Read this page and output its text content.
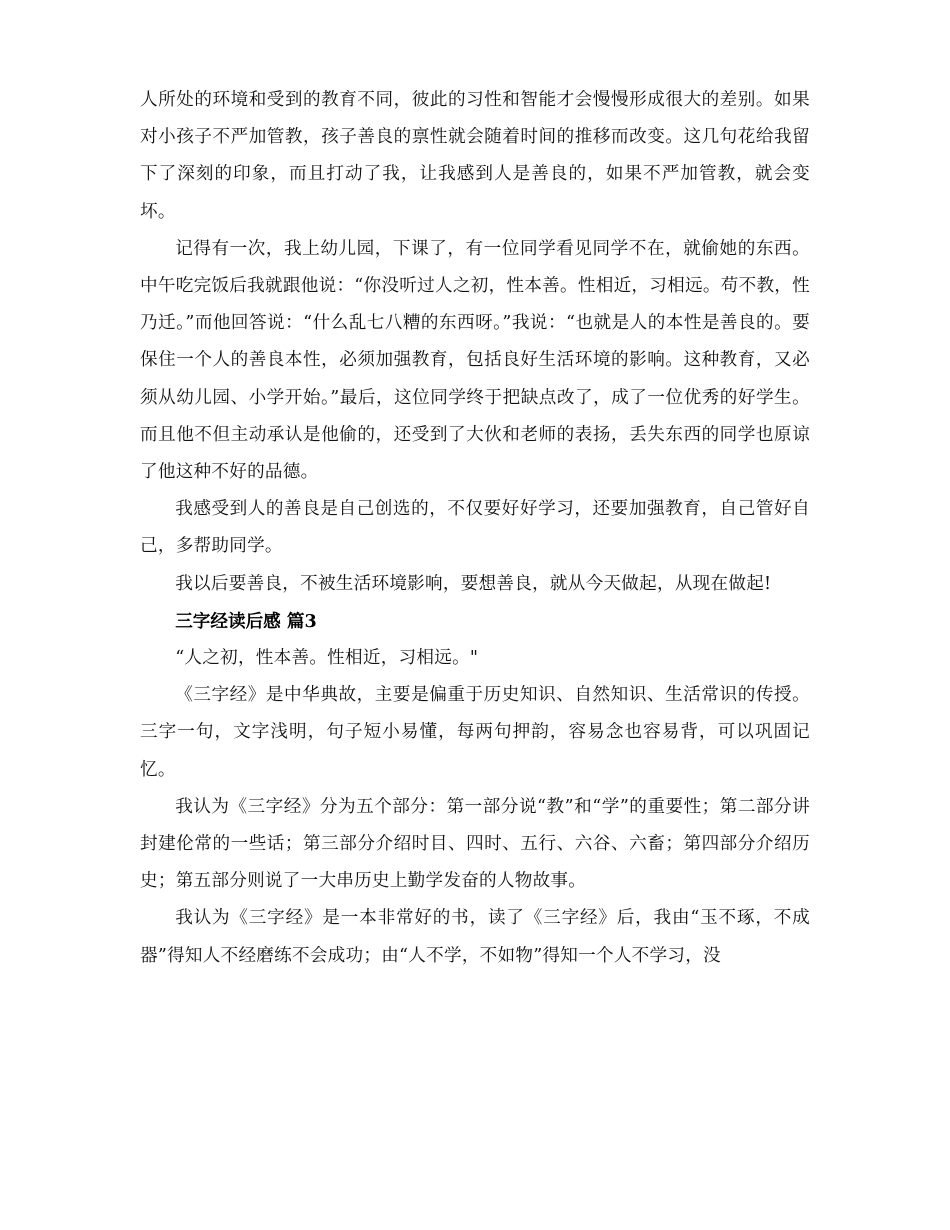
人所处的环境和受到的教育不同，彼此的习性和智能才会慢慢形成很大的差别。如果对小孩子不严加管教，孩子善良的禀性就会随着时间的推移而改变。这几句花给我留下了深刻的印象，而且打动了我，让我感到人是善良的，如果不严加管教，就会变坏。

记得有一次，我上幼儿园，下课了，有一位同学看见同学不在，就偷她的东西。中午吃完饭后我就跟他说：“你没听过人之初，性本善。性相近，习相远。苟不教，性乃迁。”而他回答说：“什么乱七八糟的东西呀。”我说：“也就是人的本性是善良的。要保住一个人的善良本性，必须加强教育，包括良好生活环境的影响。这种教育，又必须从幼儿园、小学开始。”最后，这位同学终于把缺点改了，成了一位优秀的好学生。而且他不但主动承认是他偷的，还受到了大伙和老师的表扬，丢失东西的同学也原谅了他这种不好的品德。

我感受到人的善良是自己创选的，不仅要好好学习，还要加强教育，自己管好自己，多帮助同学。

我以后要善良，不被生活环境影响，要想善良，就从今天做起，从现在做起!

三字经读后感 篇3

“人之初，性本善。性相近，习相远。"

《三字经》是中华典故，主要是偏重于历史知识、自然知识、生活常识的传授。三字一句，文字浅明，句子短小易懂，每两句押韵，容易念也容易背，可以巩固记忆。

我认为《三字经》分为五个部分：第一部分说“教”和“学”的重要性；第二部分讲封建伦常的一些话；第三部分介绍时目、四时、五行、六谷、六畜；第四部分介绍历史；第五部分则说了一大串历史上勤学发奋的人物故事。

我认为《三字经》是一本非常好的书，读了《三字经》后，我由“玉不琢，不成器”得知人不经磨练不会成功；由“人不学，不如物”得知一个人不学习，没
